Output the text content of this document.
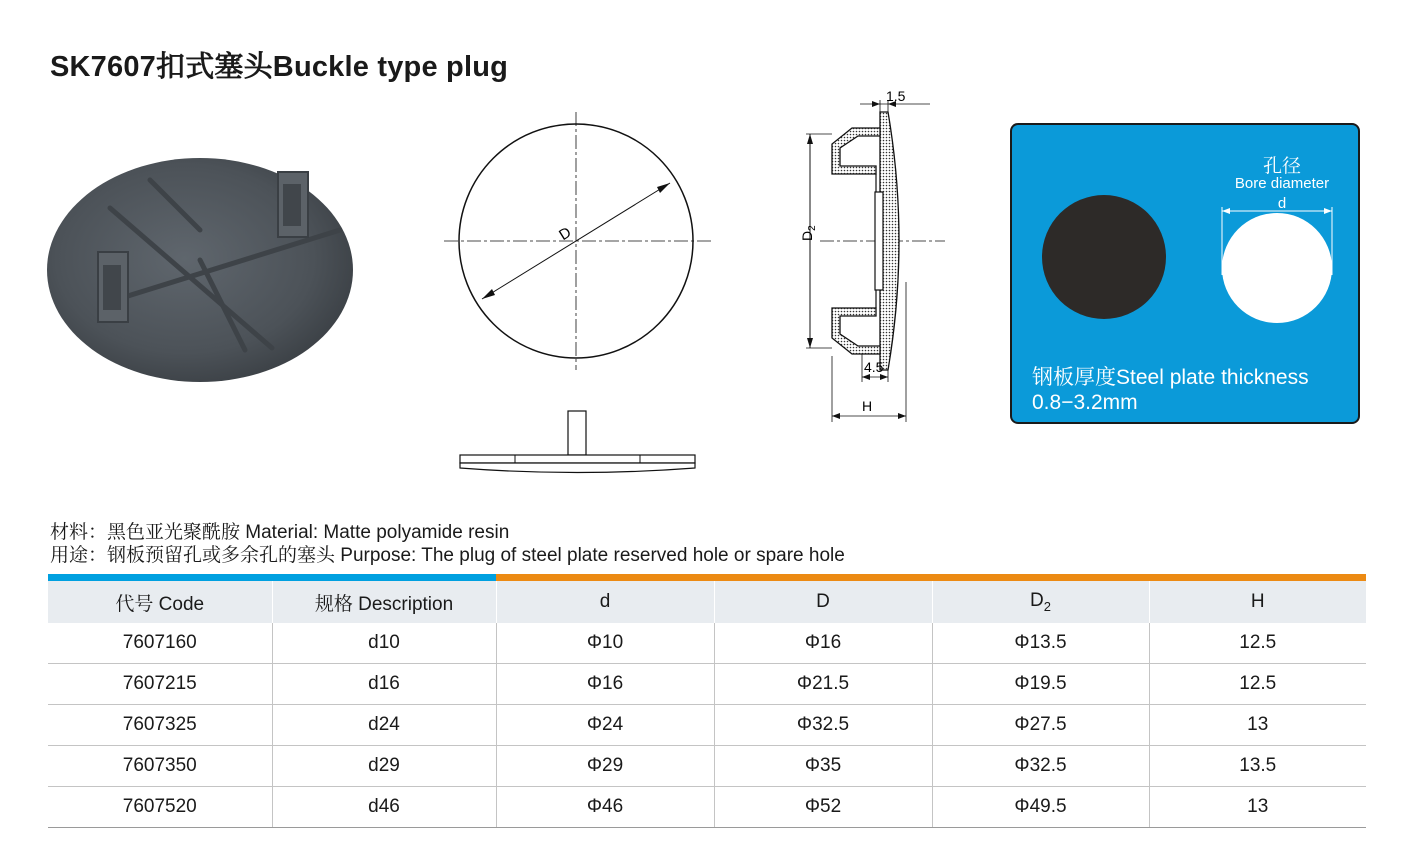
SK7607扣式塞头Buckle type plug
D	$D_2$
1.5
4.5
H
孔径
Bore diameter
d
钢板厚度Steel plate thickness
0.8−3.2mm
材料：黑色亚光聚酰胺 Material: Matte polyamide resin
用途：钢板预留孔或多余孔的塞头 Purpose: The plug of steel plate reserved hole or spare hole
代号 Code	规格 Description	d	D	$D_2$	H
7607160	d10	Φ10	Φ16	Φ13.5	12.5
7607215	d16	Φ16	Φ21.5	Φ19.5	12.5
7607325	d24	Φ24	Φ32.5	Φ27.5	13
7607350	d29	Φ29	Φ35	Φ32.5	13.5
7607520	d46	Φ46	Φ52	Φ49.5	13
